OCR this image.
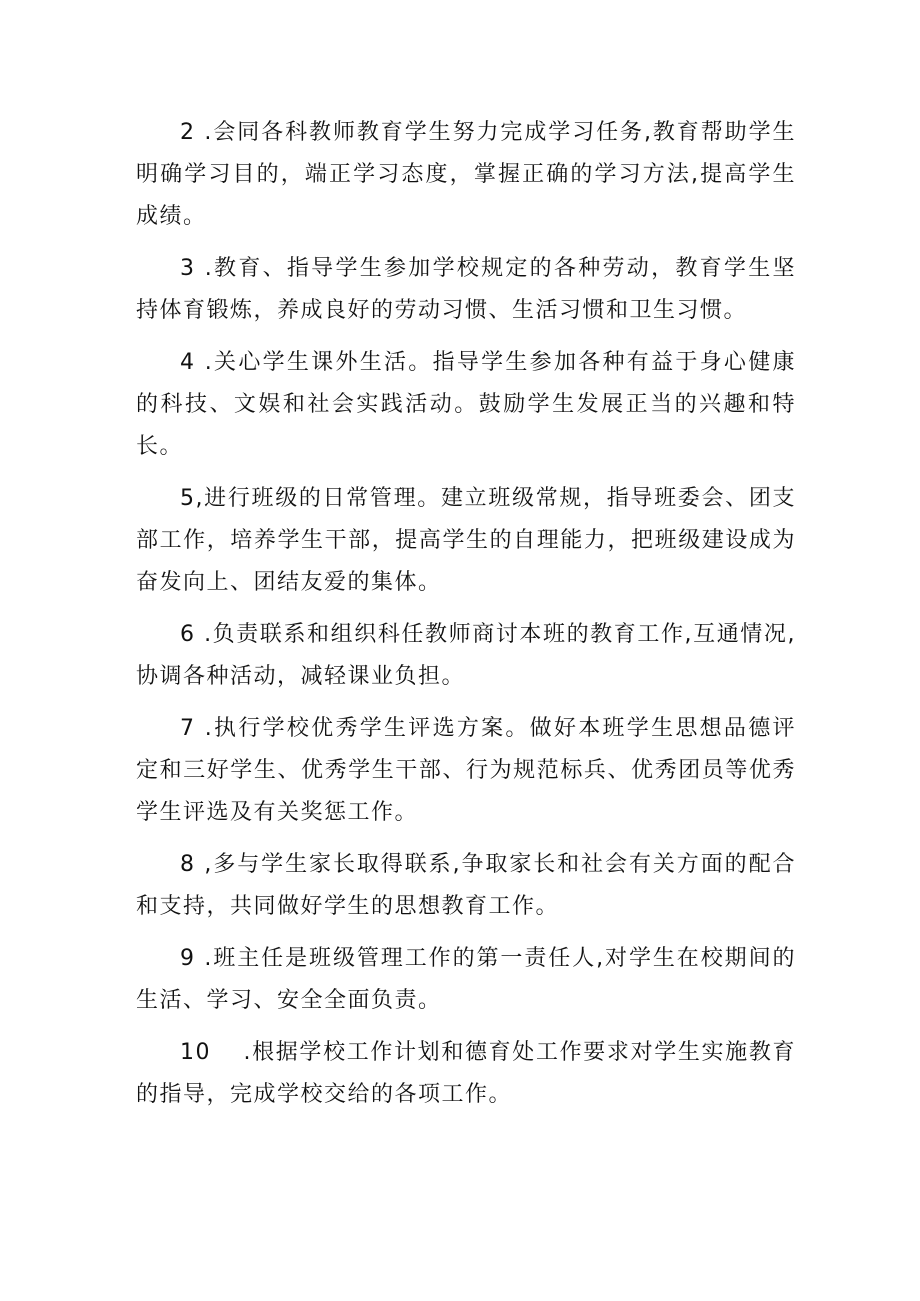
2 .会同各科教师教育学生努力完成学习任务,教育帮助学生明确学习目的，端正学习态度，掌握正确的学习方法,提高学生成绩。

3 .教育、指导学生参加学校规定的各种劳动，教育学生坚持体育锻炼，养成良好的劳动习惯、生活习惯和卫生习惯。

4 .关心学生课外生活。指导学生参加各种有益于身心健康的科技、文娱和社会实践活动。鼓励学生发展正当的兴趣和特长。

5,进行班级的日常管理。建立班级常规，指导班委会、团支部工作，培养学生干部，提高学生的自理能力，把班级建设成为奋发向上、团结友爱的集体。

6 .负责联系和组织科任教师商讨本班的教育工作,互通情况,协调各种活动，减轻课业负担。

7 .执行学校优秀学生评选方案。做好本班学生思想品德评定和三好学生、优秀学生干部、行为规范标兵、优秀团员等优秀学生评选及有关奖惩工作。

8 ,多与学生家长取得联系,争取家长和社会有关方面的配合和支持，共同做好学生的思想教育工作。

9 .班主任是班级管理工作的第一责任人,对学生在校期间的生活、学习、安全全面负责。

10　 .根据学校工作计划和德育处工作要求对学生实施教育的指导，完成学校交给的各项工作。
